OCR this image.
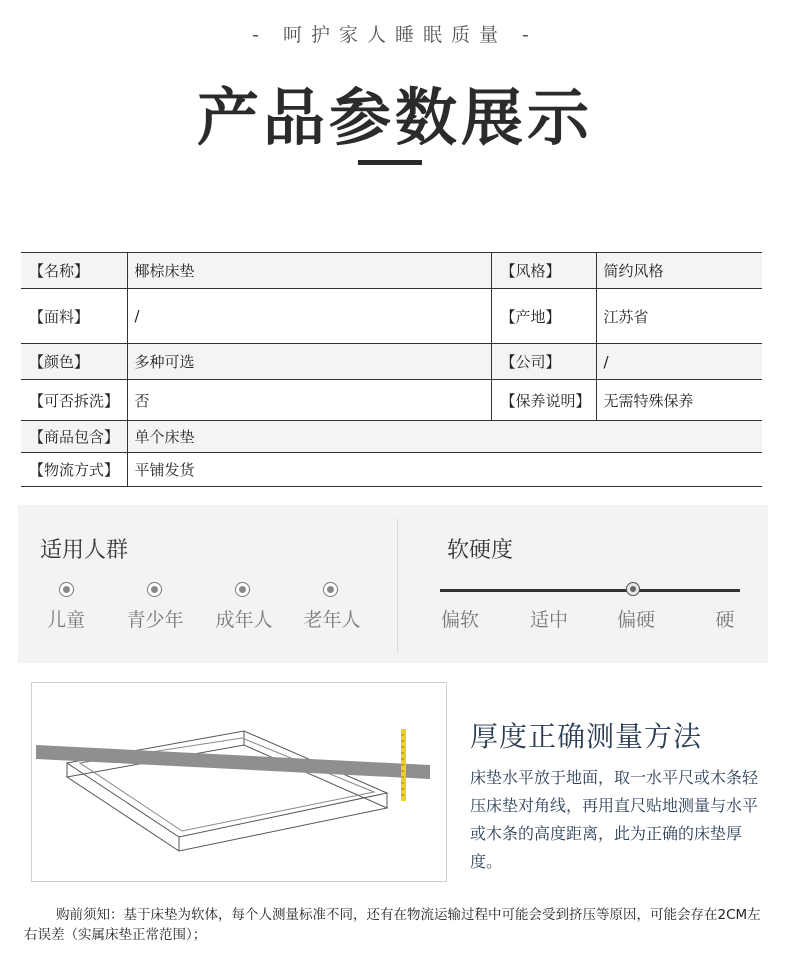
- 呵护家人睡眠质量 -
产品参数展示
【名称】	椰棕床垫	【风格】	简约风格
【面料】	/	【产地】	江苏省
【颜色】	多种可选	【公司】	/
【可否拆洗】	否	【保养说明】	无需特殊保养
【商品包含】	单个床垫		
【物流方式】	平铺发货		
适用人群
儿童	青少年	成年人	老年人
软硬度
偏软	适中	偏硬	硬
厚度正确测量方法
床垫水平放于地面，取一水平尺或木条轻压床垫对角线，再用直尺贴地测量与水平或木条的高度距离，此为正确的床垫厚度。
购前须知：基于床垫为软体，每个人测量标准不同，还有在物流运输过程中可能会受到挤压等原因，可能会存在2CM左右误差（实属床垫正常范围）；
